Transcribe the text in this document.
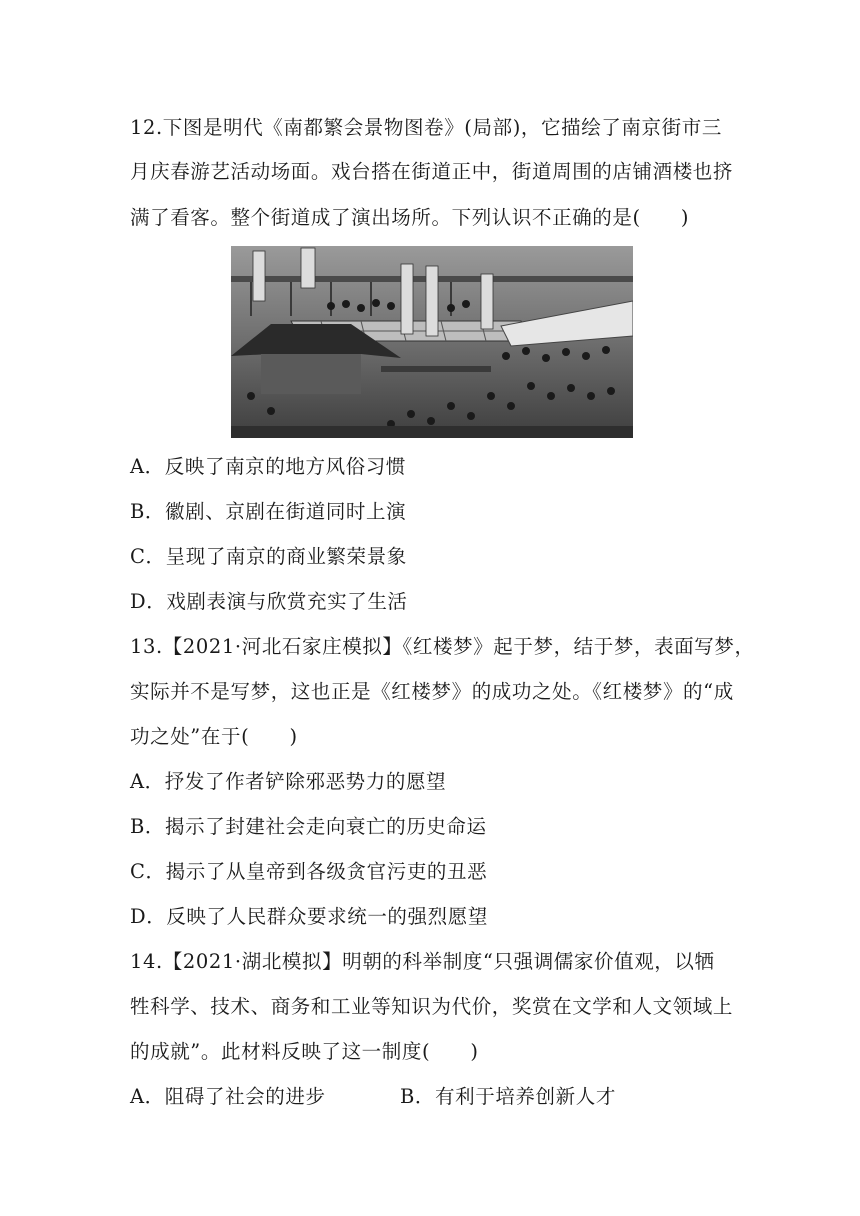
12.下图是明代《南都繁会景物图卷》(局部)，它描绘了南京街市三
月庆春游艺活动场面。戏台搭在街道正中，街道周围的店铺酒楼也挤
满了看客。整个街道成了演出场所。下列认识不正确的是(　　)
A．反映了南京的地方风俗习惯
B．徽剧、京剧在街道同时上演
C．呈现了南京的商业繁荣景象
D．戏剧表演与欣赏充实了生活
13.【2021·河北石家庄模拟】《红楼梦》起于梦，结于梦，表面写梦，
实际并不是写梦，这也正是《红楼梦》的成功之处。《红楼梦》的“成
功之处”在于(　　)
A．抒发了作者铲除邪恶势力的愿望
B．揭示了封建社会走向衰亡的历史命运
C．揭示了从皇帝到各级贪官污吏的丑恶
D．反映了人民群众要求统一的强烈愿望
14.【2021·湖北模拟】明朝的科举制度“只强调儒家价值观，以牺
牲科学、技术、商务和工业等知识为代价，奖赏在文学和人文领域上
的成就”。此材料反映了这一制度(　　)
A．阻碍了社会的进步	B．有利于培养创新人才
